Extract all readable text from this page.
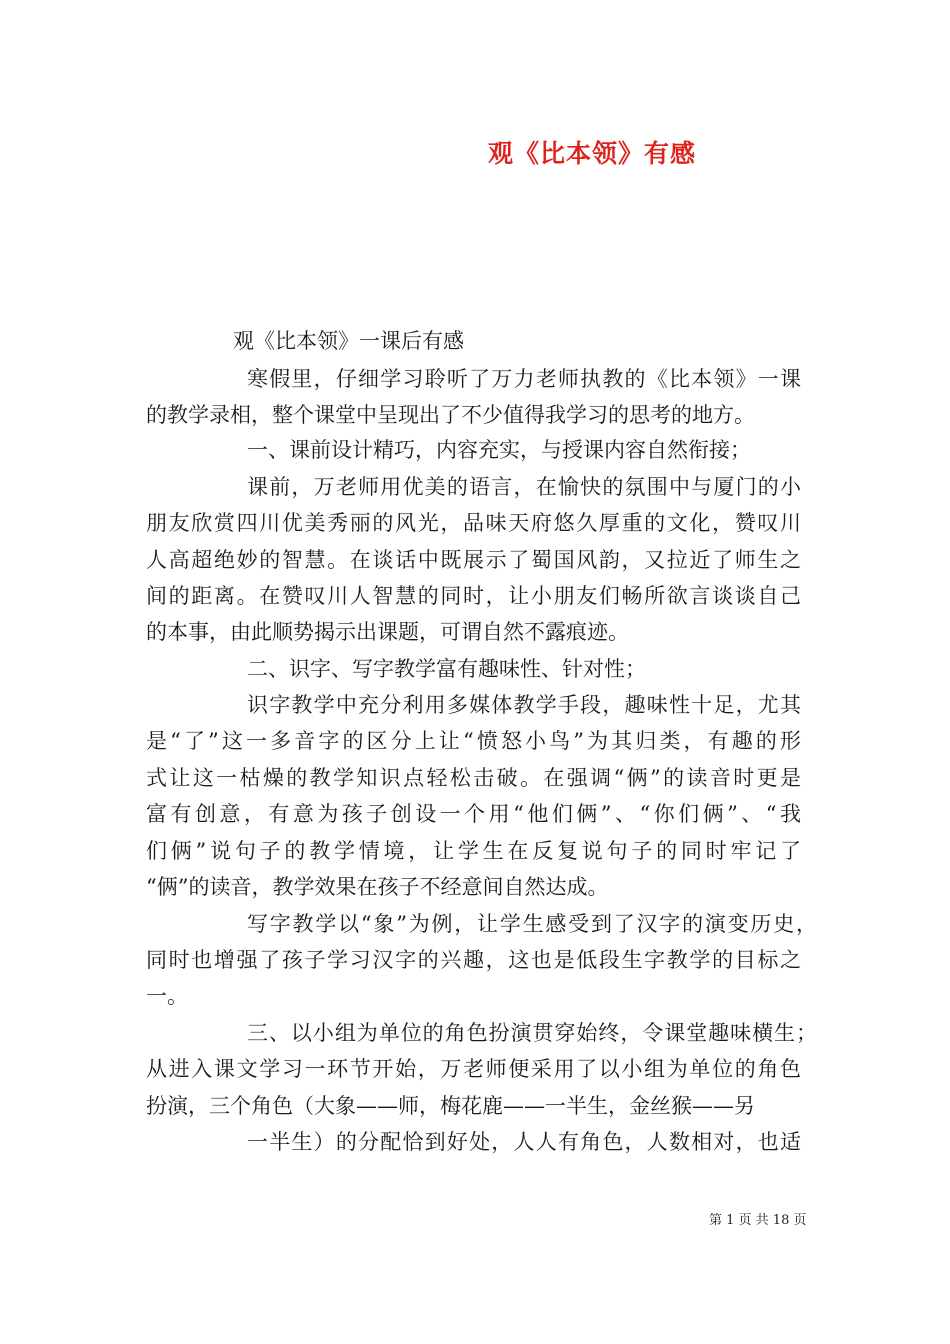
观《比本领》有感
观《比本领》一课后有感
寒假里，仔细学习聆听了万力老师执教的《比本领》一课
的教学录相，整个课堂中呈现出了不少值得我学习的思考的地方。
一、课前设计精巧，内容充实，与授课内容自然衔接；
课前，万老师用优美的语言，在愉快的氛围中与厦门的小
朋友欣赏四川优美秀丽的风光，品味天府悠久厚重的文化，赞叹川
人高超绝妙的智慧。在谈话中既展示了蜀国风韵，又拉近了师生之
间的距离。在赞叹川人智慧的同时，让小朋友们畅所欲言谈谈自己
的本事，由此顺势揭示出课题，可谓自然不露痕迹。
二、识字、写字教学富有趣味性、针对性；
识字教学中充分利用多媒体教学手段，趣味性十足，尤其
是“了”这一多音字的区分上让“愤怒小鸟”为其归类，有趣的形
式让这一枯燥的教学知识点轻松击破。在强调“俩”的读音时更是
富有创意，有意为孩子创设一个用“他们俩”、“你们俩”、“我
们俩”说句子的教学情境，让学生在反复说句子的同时牢记了
“俩”的读音，教学效果在孩子不经意间自然达成。
写字教学以“象”为例，让学生感受到了汉字的演变历史，
同时也增强了孩子学习汉字的兴趣，这也是低段生字教学的目标之
一。
三、以小组为单位的角色扮演贯穿始终，令课堂趣味横生；
从进入课文学习一环节开始，万老师便采用了以小组为单位的角色
扮演，三个角色（大象——师，梅花鹿——一半生，金丝猴——另
一半生）的分配恰到好处，人人有角色，人数相对，也适
第 1 页 共 18 页
